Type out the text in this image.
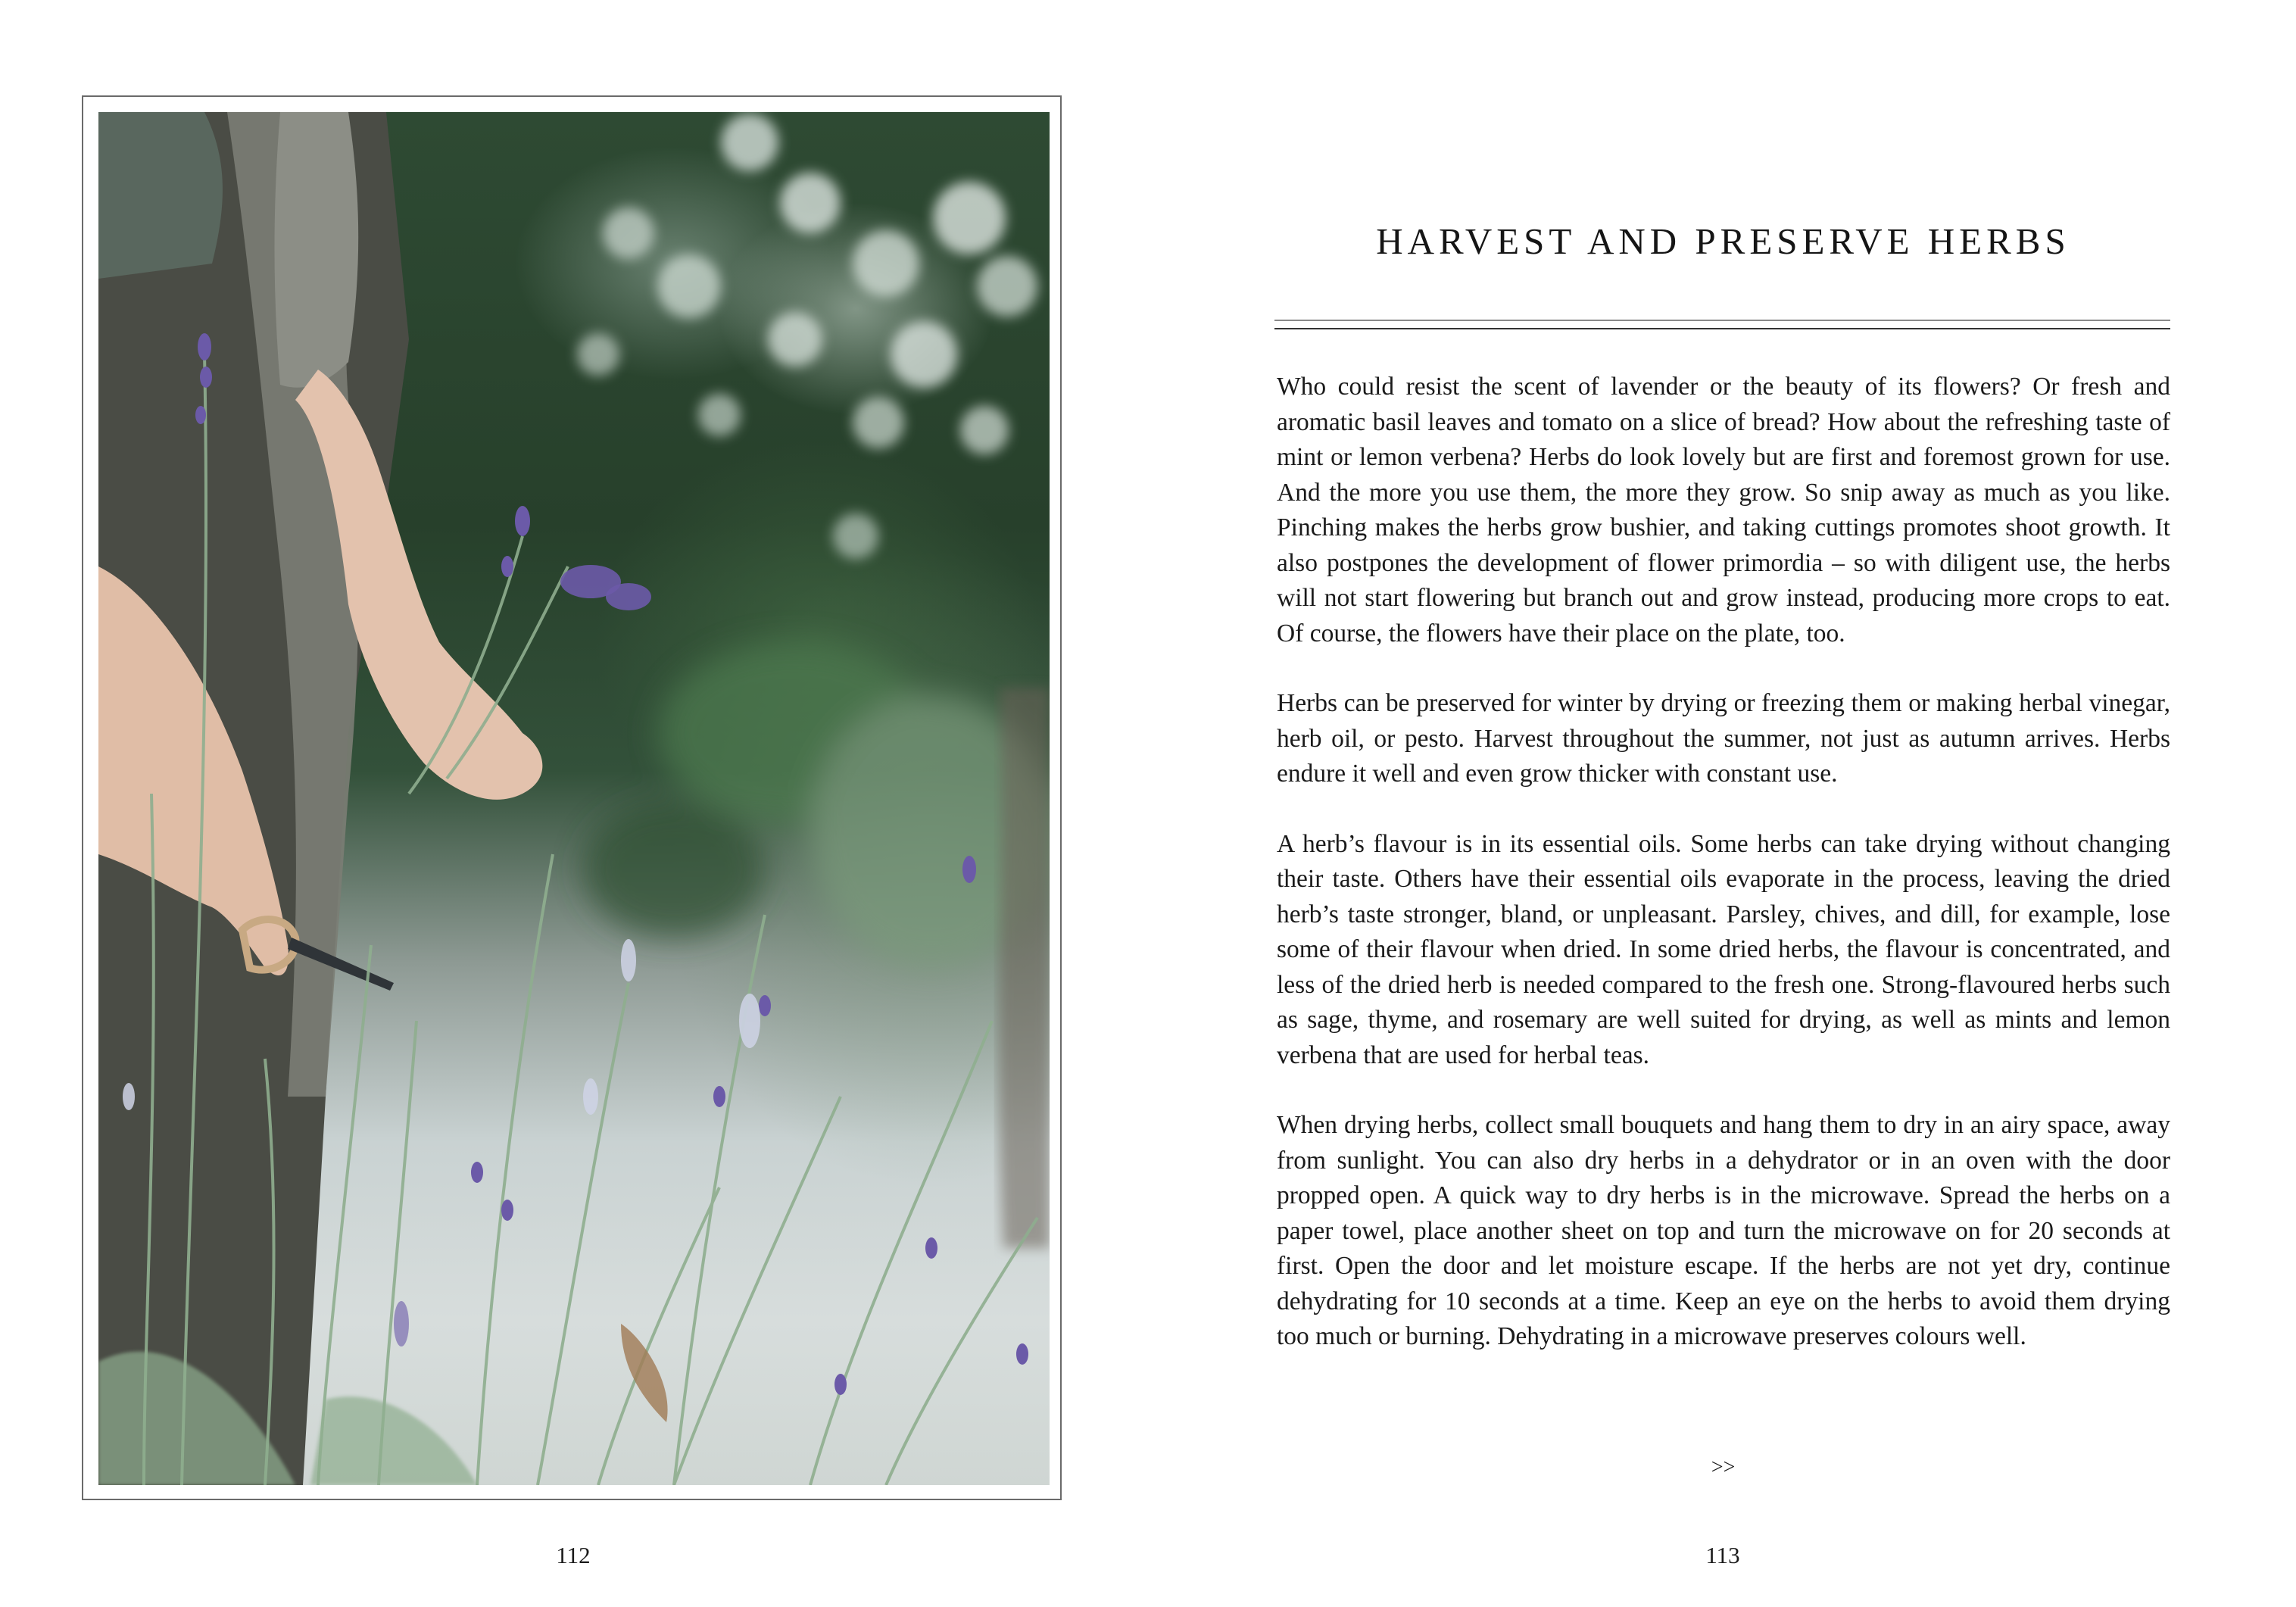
112
HARVEST AND PRESERVE HERBS

Who could resist the scent of lavender or the beauty of its flowers? Or fresh and aromatic basil leaves and tomato on a slice of bread? How about the refreshing taste of mint or lemon verbena? Herbs do look lovely but are first and foremost grown for use. And the more you use them, the more they grow. So snip away as much as you like. Pinching makes the herbs grow bushier, and taking cuttings promotes shoot growth. It also postpones the development of flower primordia – so with diligent use, the herbs will not start flowering but branch out and grow instead, producing more crops to eat. Of course, the flowers have their place on the plate, too.

Herbs can be preserved for winter by drying or freezing them or making herbal vinegar, herb oil, or pesto. Harvest throughout the summer, not just as autumn arrives. Herbs endure it well and even grow thicker with constant use.

A herb’s flavour is in its essential oils. Some herbs can take drying without changing their taste. Others have their essential oils evaporate in the process, leaving the dried herb’s taste stronger, bland, or unpleasant. Parsley, chives, and dill, for example, lose some of their flavour when dried. In some dried herbs, the flavour is concentrated, and less of the dried herb is needed compared to the fresh one. Strong-flavoured herbs such as sage, thyme, and rosemary are well suited for drying, as well as mints and lemon verbena that are used for herbal teas.

When drying herbs, collect small bouquets and hang them to dry in an airy space, away from sunlight. You can also dry herbs in a dehydrator or in an oven with the door propped open. A quick way to dry herbs is in the microwave. Spread the herbs on a paper towel, place another sheet on top and turn the microwave on for 20 seconds at first. Open the door and let moisture escape. If the herbs are not yet dry, continue dehydrating for 10 seconds at a time. Keep an eye on the herbs to avoid them drying too much or burning. Dehydrating in a microwave preserves colours well.

>>
113
